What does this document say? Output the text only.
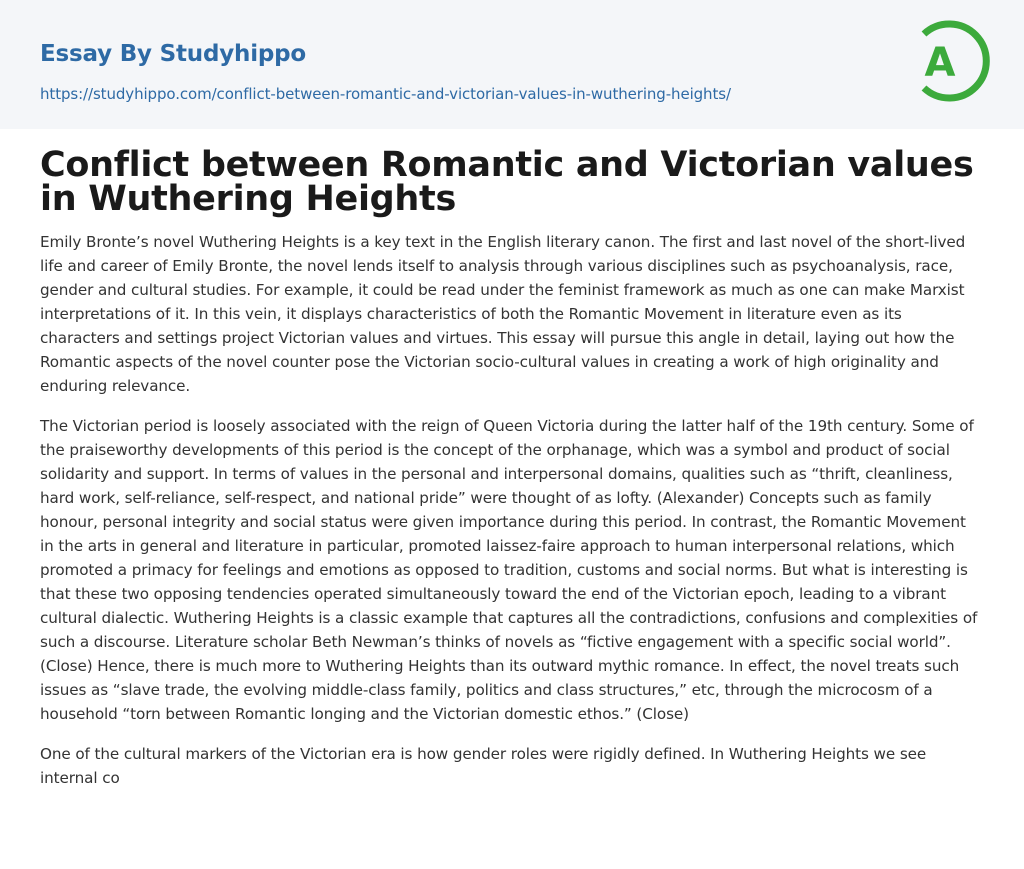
Essay By Studyhippo
https://studyhippo.com/conflict-between-romantic-and-victorian-values-in-wuthering-heights/
A
Conflict between Romantic and Victorian values in Wuthering Heights

Emily Bronte’s novel Wuthering Heights is a key text in the English literary canon. The first and last novel of the short-lived life and career of Emily Bronte, the novel lends itself to analysis through various disciplines such as psychoanalysis, race, gender and cultural studies. For example, it could be read under the feminist framework as much as one can make Marxist interpretations of it. In this vein, it displays characteristics of both the Romantic Movement in literature even as its characters and settings project Victorian values and virtues. This essay will pursue this angle in detail, laying out how the Romantic aspects of the novel counter pose the Victorian socio-cultural values in creating a work of high originality and enduring relevance.

The Victorian period is loosely associated with the reign of Queen Victoria during the latter half of the 19th century. Some of the praiseworthy developments of this period is the concept of the orphanage, which was a symbol and product of social solidarity and support. In terms of values in the personal and interpersonal domains, qualities such as “thrift, cleanliness, hard work, self-reliance, self-respect, and national pride” were thought of as lofty. (Alexander) Concepts such as family honour, personal integrity and social status were given importance during this period. In contrast, the Romantic Movement in the arts in general and literature in particular, promoted laissez-faire approach to human interpersonal relations, which promoted a primacy for feelings and emotions as opposed to tradition, customs and social norms. But what is interesting is that these two opposing tendencies operated simultaneously toward the end of the Victorian epoch, leading to a vibrant cultural dialectic. Wuthering Heights is a classic example that captures all the contradictions, confusions and complexities of such a discourse. Literature scholar Beth Newman’s thinks of novels as “fictive engagement with a specific social world”. (Close) Hence, there is much more to Wuthering Heights than its outward mythic romance. In effect, the novel treats such issues as “slave trade, the evolving middle-class family, politics and class structures,” etc, through the microcosm of a household “torn between Romantic longing and the Victorian domestic ethos.” (Close)

One of the cultural markers of the Victorian era is how gender roles were rigidly defined. In Wuthering Heights we see internal co
